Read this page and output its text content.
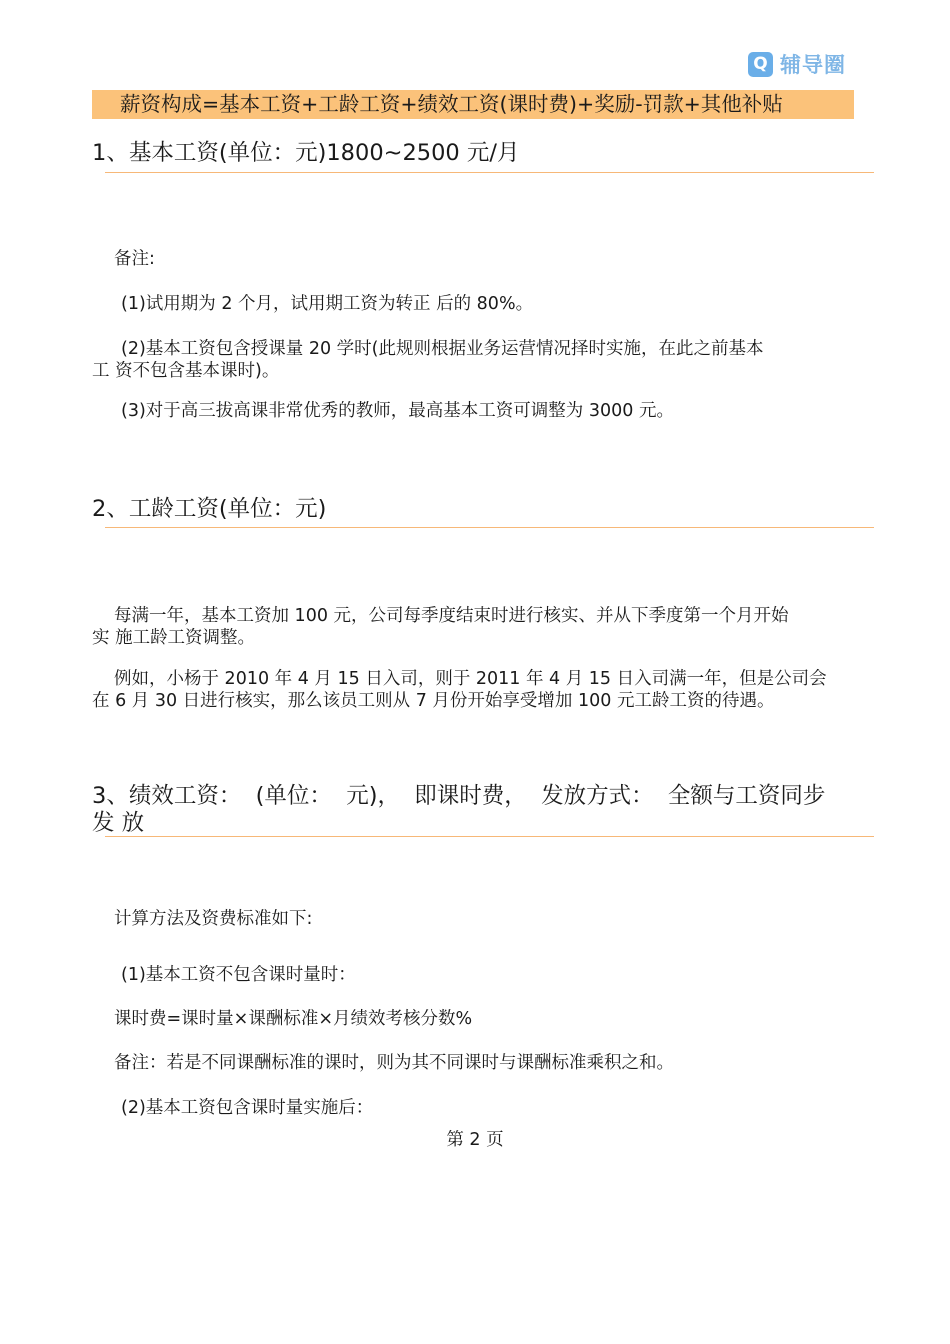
Q 辅导圈
薪资构成=基本工资+工龄工资+绩效工资(课时费)+奖励-罚款+其他补贴
1、基本工资(单位：元)1800~2500 元/月
备注:
(1)试用期为 2 个月，试用期工资为转正 后的 80%。
(2)基本工资包含授课量 20 学时(此规则根据业务运营情况择时实施，在此之前基本
工 资不包含基本课时)。
(3)对于高三拔高课非常优秀的教师，最高基本工资可调整为 3000 元。
2、工龄工资(单位：元)
每满一年，基本工资加 100 元，公司每季度结束时进行核实、并从下季度第一个月开始
实 施工龄工资调整。
例如，小杨于 2010 年 4 月 15 日入司，则于 2011 年 4 月 15 日入司满一年，但是公司会
在 6 月 30 日进行核实，那么该员工则从 7 月份开始享受增加 100 元工龄工资的待遇。
3、绩效工资：  (单位：  元)，  即课时费，  发放方式：  全额与工资同步
发 放
计算方法及资费标准如下:
(1)基本工资不包含课时量时：
课时费=课时量×课酬标准×月绩效考核分数%
备注：若是不同课酬标准的课时，则为其不同课时与课酬标准乘积之和。
(2)基本工资包含课时量实施后：
第 2 页
